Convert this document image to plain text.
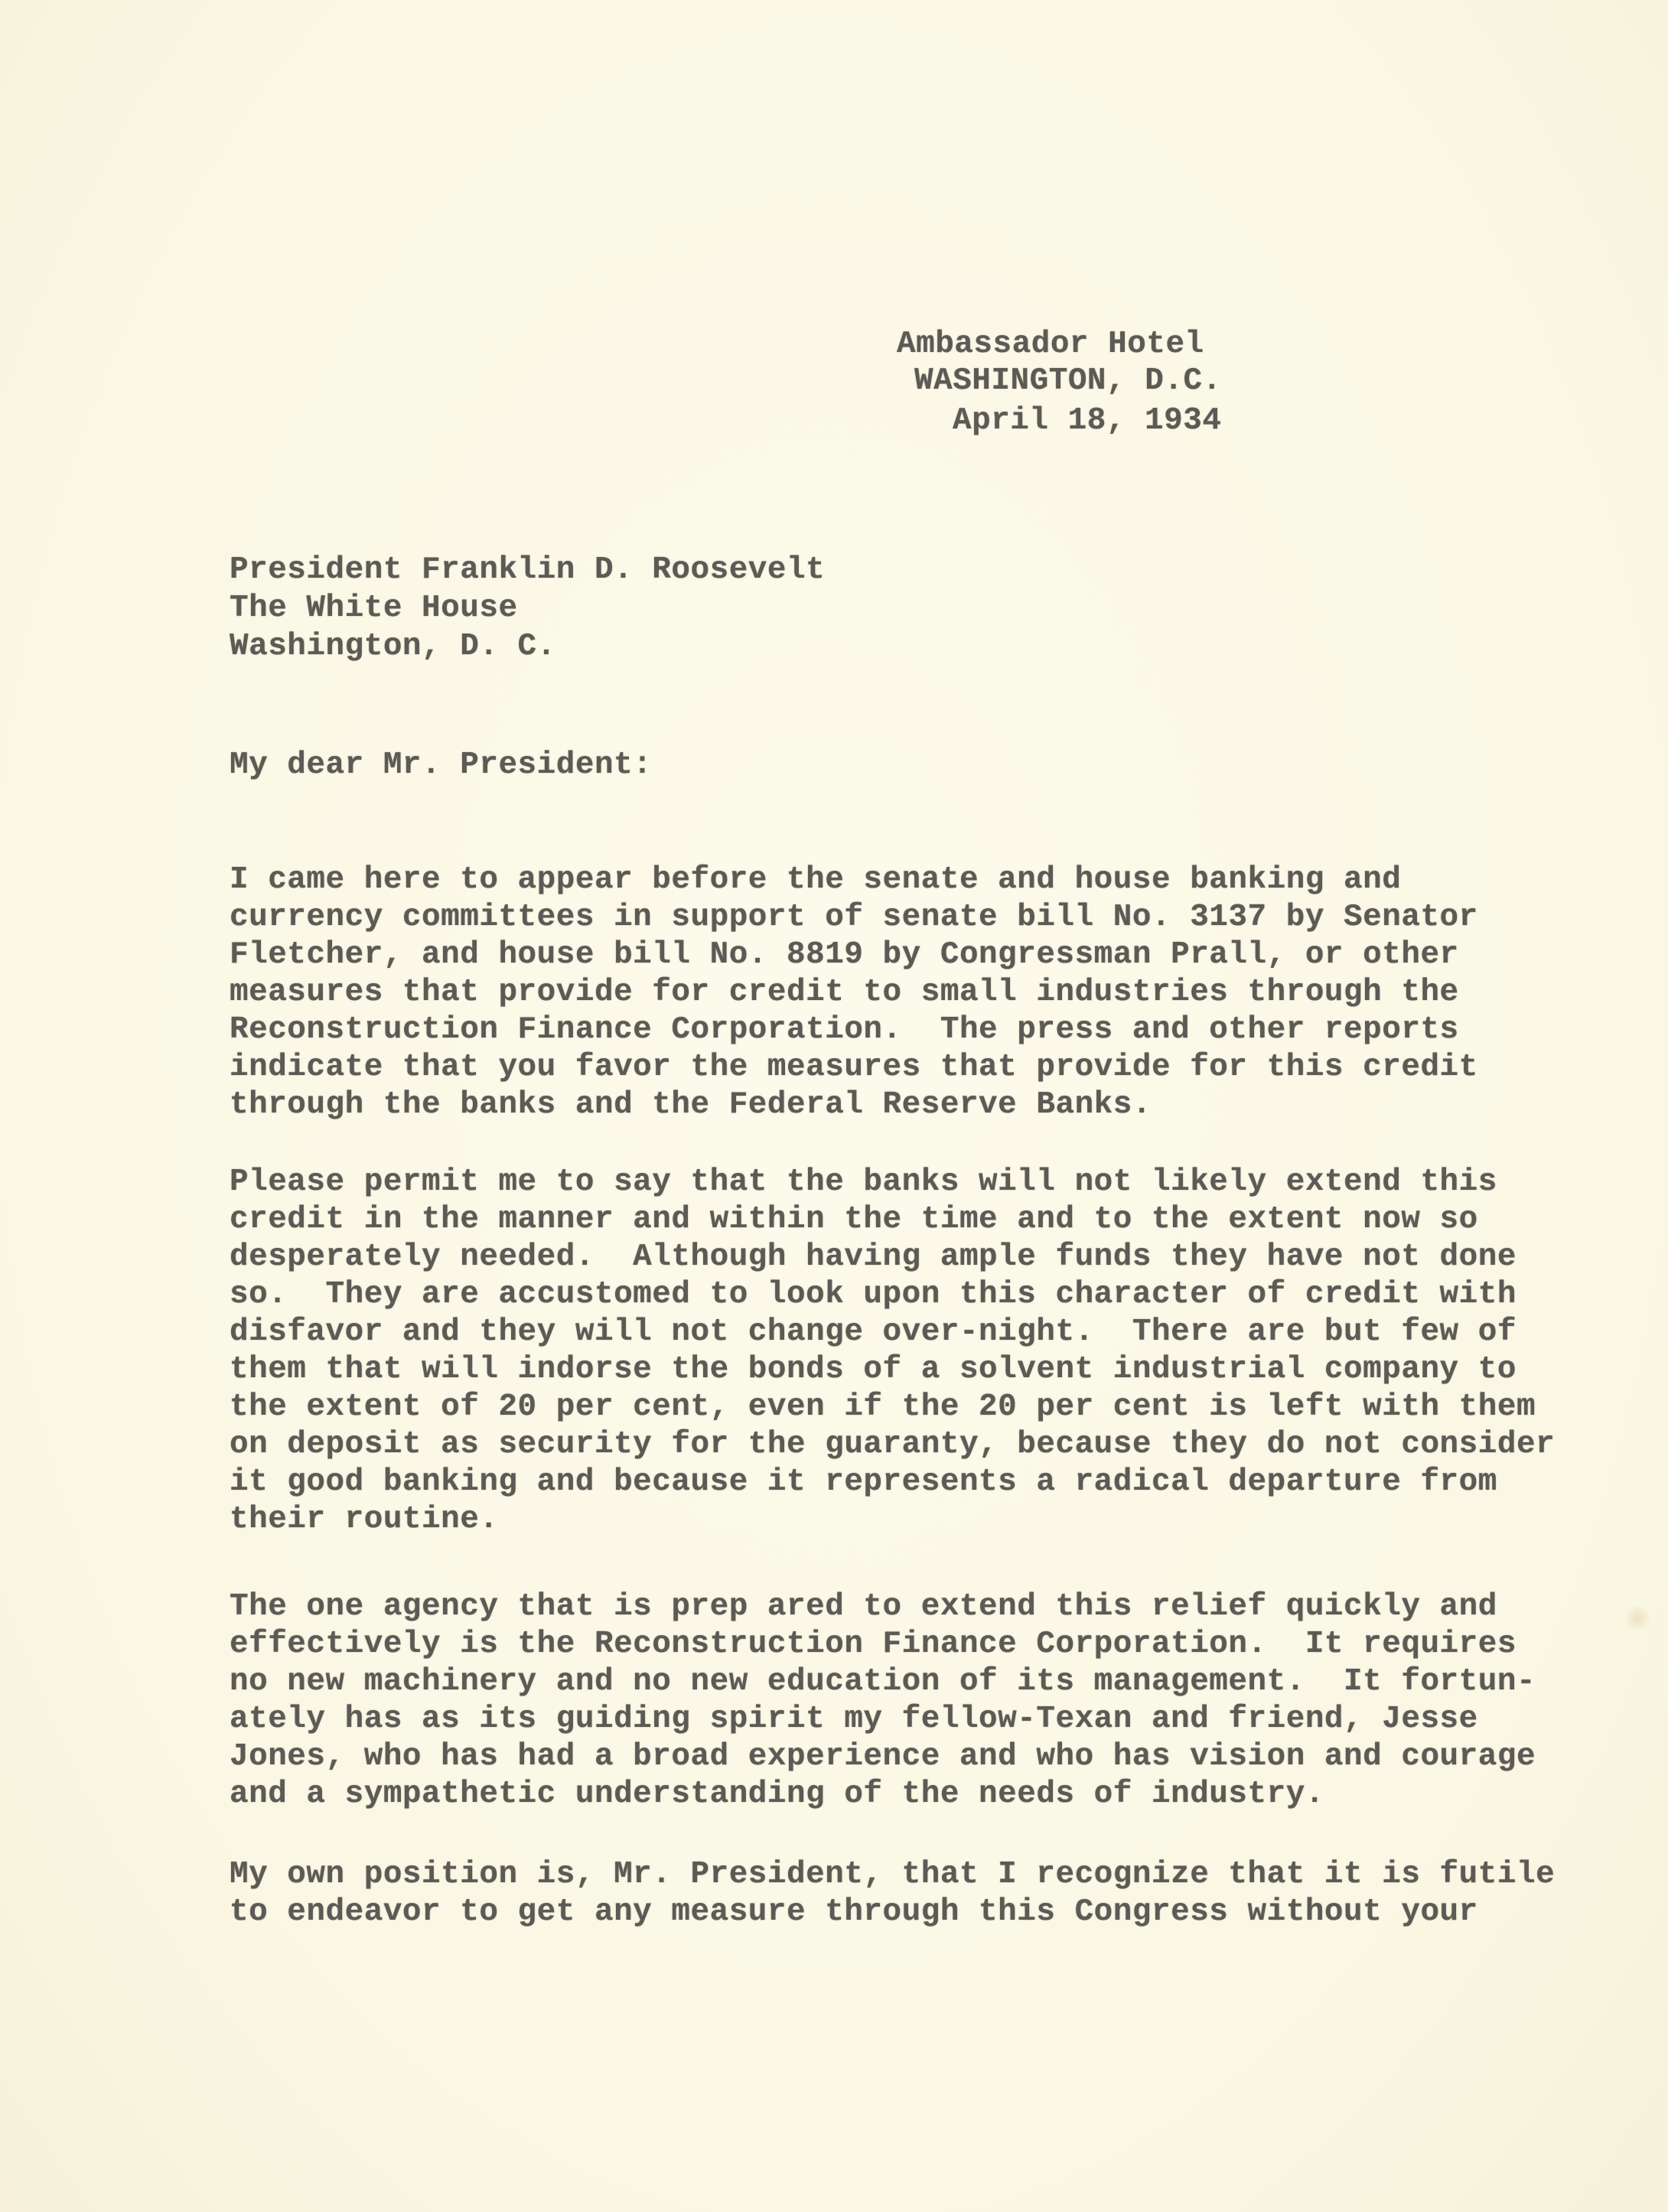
Ambassador Hotel
WASHINGTON, D.C.
April 18, 1934
President Franklin D. Roosevelt
The White House
Washington, D. C.
My dear Mr. President:
I came here to appear before the senate and house banking and
currency committees in support of senate bill No. 3137 by Senator
Fletcher, and house bill No. 8819 by Congressman Prall, or other
measures that provide for credit to small industries through the
Reconstruction Finance Corporation.  The press and other reports
indicate that you favor the measures that provide for this credit
through the banks and the Federal Reserve Banks.
Please permit me to say that the banks will not likely extend this
credit in the manner and within the time and to the extent now so
desperately needed.  Although having ample funds they have not done
so.  They are accustomed to look upon this character of credit with
disfavor and they will not change over-night.  There are but few of
them that will indorse the bonds of a solvent industrial company to
the extent of 20 per cent, even if the 20 per cent is left with them
on deposit as security for the guaranty, because they do not consider
it good banking and because it represents a radical departure from
their routine.
The one agency that is prep ared to extend this relief quickly and
effectively is the Reconstruction Finance Corporation.  It requires
no new machinery and no new education of its management.  It fortun-
ately has as its guiding spirit my fellow-Texan and friend, Jesse
Jones, who has had a broad experience and who has vision and courage
and a sympathetic understanding of the needs of industry.
My own position is, Mr. President, that I recognize that it is futile
to endeavor to get any measure through this Congress without your
